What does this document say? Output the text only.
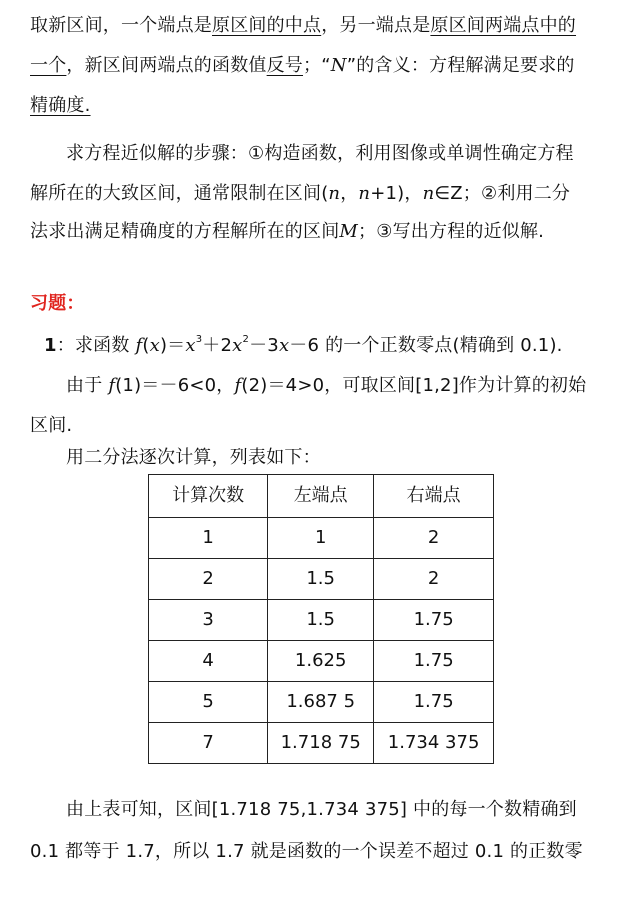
取新区间，一个端点是原区间的中点，另一端点是原区间两端点中的
一个，新区间两端点的函数值反号；“N”的含义：方程解满足要求的
精确度.
求方程近似解的步骤：①构造函数，利用图像或单调性确定方程
解所在的大致区间，通常限制在区间(n，n+1)，n∈Z；②利用二分
法求出满足精确度的方程解所在的区间M；③写出方程的近似解.
习题：
1：求函数 $f(x)=x^3+2x^2-3x-6$ 的一个正数零点(精确到 0.1).
由于 f(1)＝－6<0，f(2)＝4>0，可取区间[1,2]作为计算的初始
区间.
用二分法逐次计算，列表如下：
计算次数	左端点	右端点
1	1	2
2	1.5	2
3	1.5	1.75
4	1.625	1.75
5	1.687 5	1.75
7	1.718 75	1.734 375
由上表可知，区间[1.718 75,1.734 375] 中的每一个数精确到
0.1 都等于 1.7，所以 1.7 就是函数的一个误差不超过 0.1 的正数零
